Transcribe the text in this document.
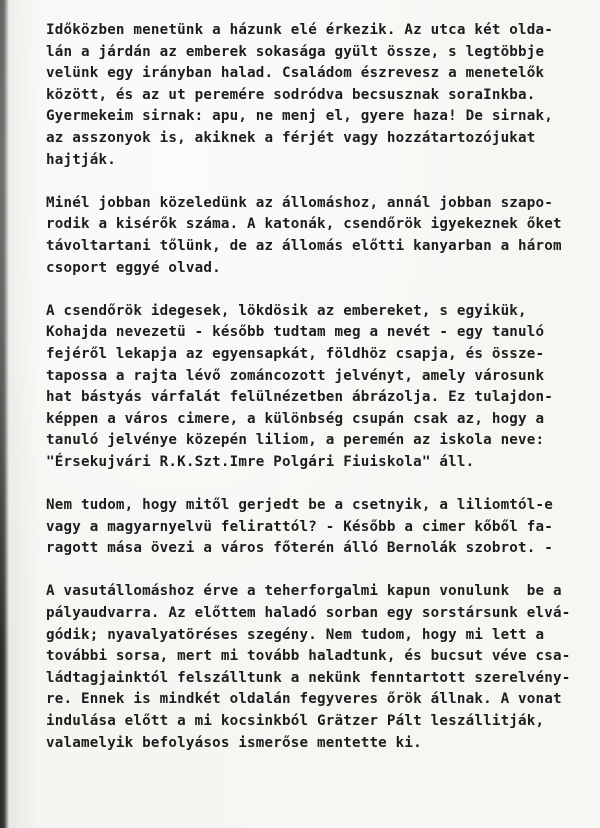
Időközben menetünk a házunk elé érkezik. Az utca két olda-
lán a járdán az emberek sokasága gyült össze, s legtöbbje
velünk egy irányban halad. Családom észrevesz a menetelők
között, és az ut peremére sodródva becsusznak soraInkba.
Gyermekeim sirnak: apu, ne menj el, gyere haza! De sirnak,
az asszonyok is, akiknek a férjét vagy hozzátartozójukat
hajtják.
Minél jobban közeledünk az állomáshoz, annál jobban szapo-
rodik a kisérők száma. A katonák, csendőrök igyekeznek őket
távoltartani tőlünk, de az állomás előtti kanyarban a három
csoport eggyé olvad.
A csendőrök idegesek, lökdösik az embereket, s egyikük,
Kohajda nevezetü - később tudtam meg a nevét - egy tanuló
fejéről lekapja az egyensapkát, földhöz csapja, és össze-
tapossa a rajta lévő zománcozott jelvényt, amely városunk
hat bástyás várfalát felülnézetben ábrázolja. Ez tulajdon-
képpen a város cimere, a különbség csupán csak az, hogy a
tanuló jelvénye közepén liliom, a peremén az iskola neve:
"Érsekujvári R.K.Szt.Imre Polgári Fiuiskola" áll.
Nem tudom, hogy mitől gerjedt be a csetnyik, a liliomtól-e
vagy a magyarnyelvü felirattól? - Később a cimer kőből fa-
ragott mása övezi a város főterén álló Bernolák szobrot. -
A vasutállomáshoz érve a teherforgalmi kapun vonulunk  be a
pályaudvarra. Az előttem haladó sorban egy sorstársunk elvá-
gódik; nyavalyatöréses szegény. Nem tudom, hogy mi lett a
további sorsa, mert mi tovább haladtunk, és bucsut véve csa-
ládtagjainktól felszálltunk a nekünk fenntartott szerelvény-
re. Ennek is mindkét oldalán fegyveres őrök állnak. A vonat
indulása előtt a mi kocsinkból Grätzer Pált leszállitják,
valamelyik befolyásos ismerőse mentette ki.
